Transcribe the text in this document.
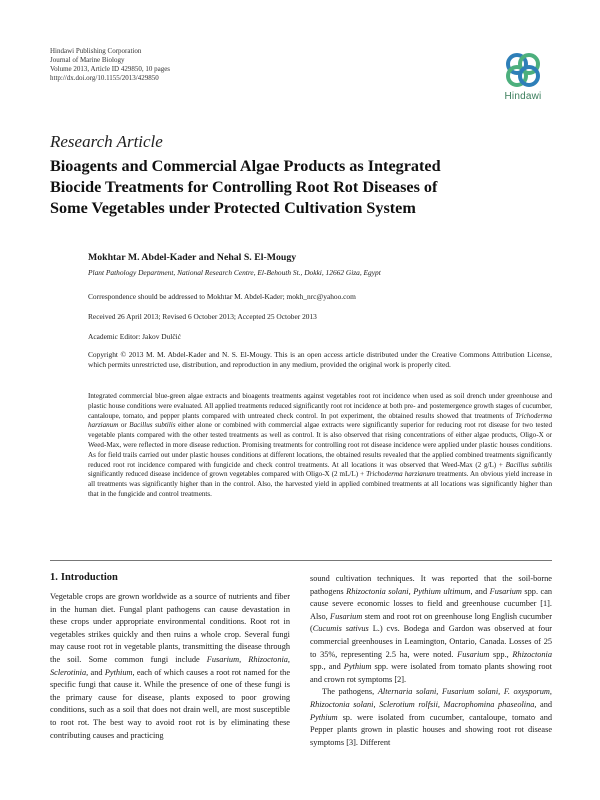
Hindawi Publishing Corporation
Journal of Marine Biology
Volume 2013, Article ID 429850, 10 pages
http://dx.doi.org/10.1155/2013/429850
Hindawi
Research Article
Bioagents and Commercial Algae Products as Integrated
Biocide Treatments for Controlling Root Rot Diseases of
Some Vegetables under Protected Cultivation System
Mokhtar M. Abdel-Kader and Nehal S. El-Mougy
Plant Pathology Department, National Research Centre, El-Behouth St., Dokki, 12662 Giza, Egypt
Correspondence should be addressed to Mokhtar M. Abdel-Kader; mokh_nrc@yahoo.com
Received 26 April 2013; Revised 6 October 2013; Accepted 25 October 2013
Academic Editor: Jakov Dulčić
Copyright © 2013 M. M. Abdel-Kader and N. S. El-Mougy. This is an open access article distributed under the Creative Commons Attribution License, which permits unrestricted use, distribution, and reproduction in any medium, provided the original work is properly cited.
Integrated commercial blue-green algae extracts and bioagents treatments against vegetables root rot incidence when used as soil drench under greenhouse and plastic house conditions were evaluated. All applied treatments reduced significantly root rot incidence at both pre- and postemergence growth stages of cucumber, cantaloupe, tomato, and pepper plants compared with untreated check control. In pot experiment, the obtained results showed that treatments of Trichoderma harzianum or Bacillus subtilis either alone or combined with commercial algae extracts were significantly superior for reducing root rot disease for two tested vegetable plants compared with the other tested treatments as well as control. It is also observed that rising concentrations of either algae products, Oligo-X or Weed-Max, were reflected in more disease reduction. Promising treatments for controlling root rot disease incidence were applied under plastic houses conditions. As for field trails carried out under plastic houses conditions at different locations, the obtained results revealed that the applied combined treatments significantly reduced root rot incidence compared with fungicide and check control treatments. At all locations it was observed that Weed-Max (2 g/L) + Bacillus subtilis significantly reduced disease incidence of grown vegetables compared with Oligo-X (2 mL/L) + Trichoderma harzianum treatments. An obvious yield increase in all treatments was significantly higher than in the control. Also, the harvested yield in applied combined treatments at all locations was significantly higher than that in the fungicide and control treatments.
1. Introduction

Vegetable crops are grown worldwide as a source of nutrients and fiber in the human diet. Fungal plant pathogens can cause devastation in these crops under appropriate environmental conditions. Root rot in vegetables strikes quickly and then ruins a whole crop. Several fungi may cause root rot in vegetable plants, transmitting the disease through the soil. Some common fungi include Fusarium, Rhizoctonia, Sclerotinia, and Pythium, each of which causes a root rot named for the specific fungi that cause it. While the presence of one of these fungi is the primary cause for disease, plants exposed to poor growing conditions, such as a soil that does not drain well, are most susceptible to root rot. The best way to avoid root rot is by eliminating these contributing causes and practicing

sound cultivation techniques. It was reported that the soil-borne pathogens Rhizoctonia solani, Pythium ultimum, and Fusarium spp. can cause severe economic losses to field and greenhouse cucumber [1]. Also, Fusarium stem and root rot on greenhouse long English cucumber (Cucumis sativus L.) cvs. Bodega and Gardon was observed at four commercial greenhouses in Leamington, Ontario, Canada. Losses of 25 to 35%, representing 2.5 ha, were noted. Fusarium spp., Rhizoctonia spp., and Pythium spp. were isolated from tomato plants showing root and crown rot symptoms [2].

The pathogens, Alternaria solani, Fusarium solani, F. oxysporum, Rhizoctonia solani, Sclerotium rolfsii, Macrophomina phaseolina, and Pythium sp. were isolated from cucumber, cantaloupe, tomato and Pepper plants grown in plastic houses and showing root rot disease symptoms [3]. Different
